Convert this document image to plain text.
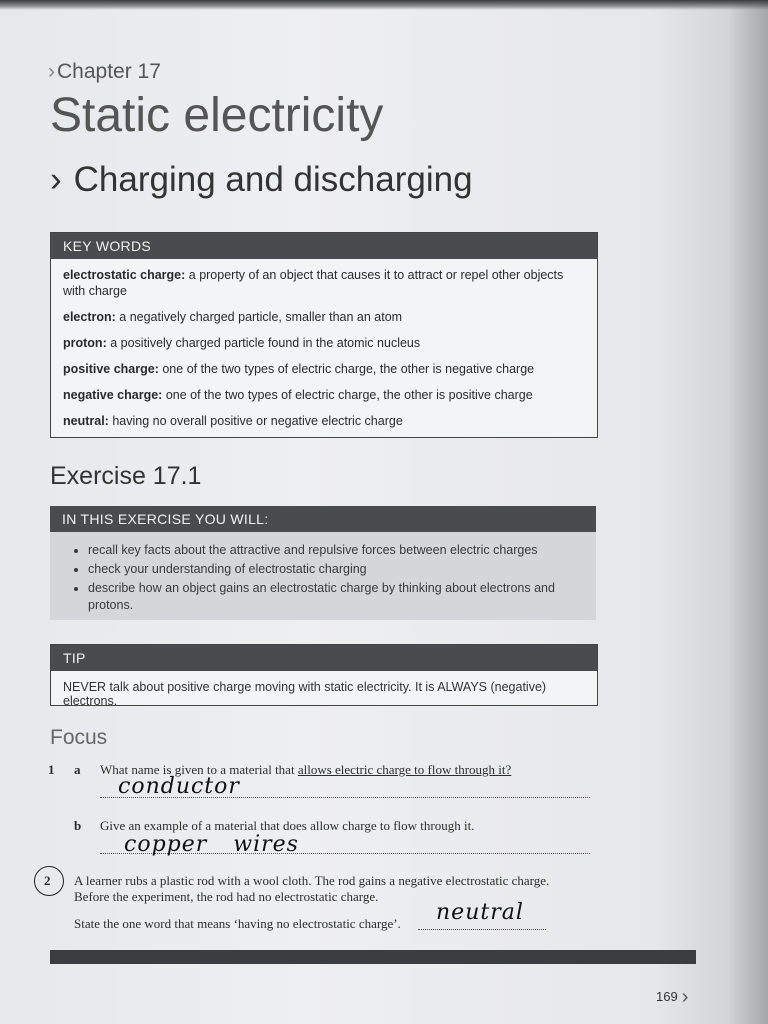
›Chapter 17
Static electricity
› Charging and discharging
KEY WORDS
electrostatic charge: a property of an object that causes it to attract or repel other objects with charge
electron: a negatively charged particle, smaller than an atom
proton: a positively charged particle found in the atomic nucleus
positive charge: one of the two types of electric charge, the other is negative charge
negative charge: one of the two types of electric charge, the other is positive charge
neutral: having no overall positive or negative electric charge
Exercise 17.1
IN THIS EXERCISE YOU WILL:
• recall key facts about the attractive and repulsive forces between electric charges
• check your understanding of electrostatic charging
• describe how an object gains an electrostatic charge by thinking about electrons and protons.
TIP
NEVER talk about positive charge moving with static electricity. It is ALWAYS (negative) electrons.
Focus
1 a What name is given to a material that allows electric charge to flow through it?
conductor
b Give an example of a material that does allow charge to flow through it.
copper wires
2 A learner rubs a plastic rod with a wool cloth. The rod gains a negative electrostatic charge.
Before the experiment, the rod had no electrostatic charge.
State the one word that means ‘having no electrostatic charge’. neutral
169 ›
